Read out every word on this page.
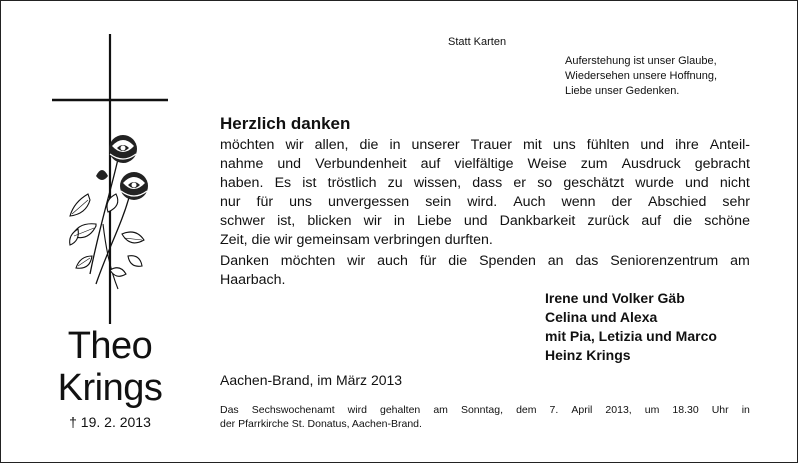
Theo
Krings
† 19. 2. 2013
Statt Karten
Auferstehung ist unser Glaube,
Wiedersehen unsere Hoffnung,
Liebe unser Gedenken.
Herzlich danken
möchten wir allen, die in unserer Trauer mit uns fühlten und ihre Anteil-
nahme und Verbundenheit auf vielfältige Weise zum Ausdruck gebracht
haben. Es ist tröstlich zu wissen, dass er so geschätzt wurde und nicht
nur für uns unvergessen sein wird. Auch wenn der Abschied sehr
schwer ist, blicken wir in Liebe und Dankbarkeit zurück auf die schöne
Zeit, die wir gemeinsam verbringen durften.
Danken möchten wir auch für die Spenden an das Seniorenzentrum am
Haarbach.
Irene und Volker Gäb
Celina und Alexa
mit Pia, Letizia und Marco
Heinz Krings
Aachen-Brand, im März 2013
Das Sechswochenamt wird gehalten am Sonntag, dem 7. April 2013, um 18.30 Uhr in
der Pfarrkirche St. Donatus, Aachen-Brand.
